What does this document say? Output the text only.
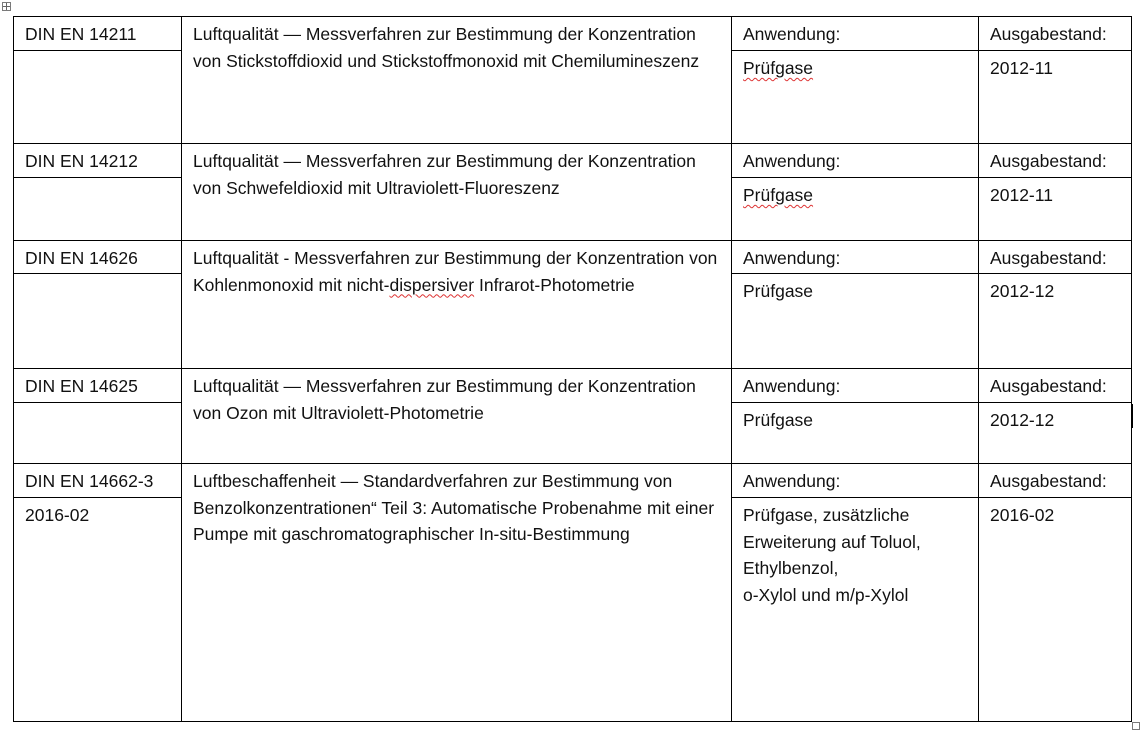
DIN EN 14211	Luftqualität — Messverfahren zur Bestimmung der Konzentration von Stickstoffdioxid und Stickstoffmonoxid mit Chemilumineszenz	Anwendung:	Ausgabestand:
		Prüfgase	2012-11
DIN EN 14212	Luftqualität — Messverfahren zur Bestimmung der Konzentration von Schwefeldioxid mit Ultraviolett-Fluoreszenz	Anwendung:	Ausgabestand:
		Prüfgase	2012-11
DIN EN 14626	Luftqualität - Messverfahren zur Bestimmung der Konzentration von Kohlenmonoxid mit nicht-dispersiver Infrarot-Photometrie	Anwendung:	Ausgabestand:
		Prüfgase	2012-12
DIN EN 14625	Luftqualität — Messverfahren zur Bestimmung der Konzentration von Ozon mit Ultraviolett-Photometrie	Anwendung:	Ausgabestand:
		Prüfgase	2012-12
DIN EN 14662-3	Luftbeschaffenheit — Standardverfahren zur Bestimmung von Benzolkonzentrationen“ Teil 3: Automatische Probenahme mit einer Pumpe mit gaschromatographischer In-situ-Bestimmung	Anwendung:	Ausgabestand:
2016-02		Prüfgase, zusätzliche
Erweiterung auf Toluol,
Ethylbenzol,
o-Xylol und m/p-Xylol	2016-02
